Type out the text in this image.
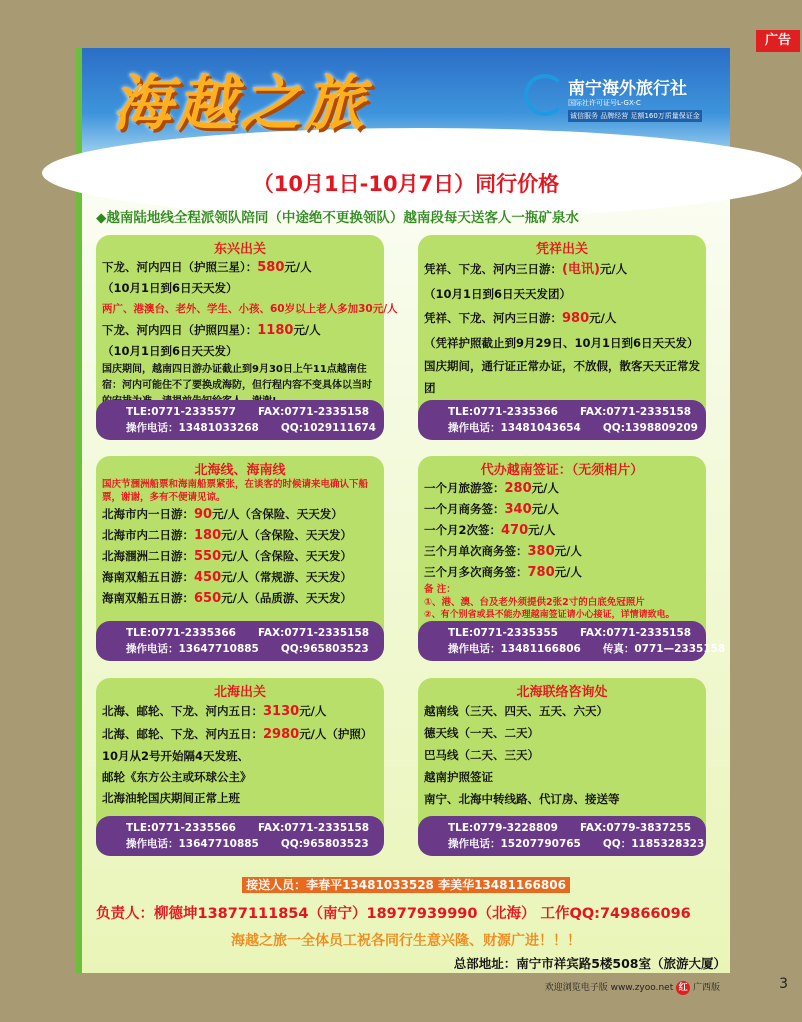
广告
海越之旅	南宁海外旅行社
国际社许可证号L-GX-C
诚信服务 品牌经营 足额160万质量保证金
（10月1日-10月7日）同行价格
◆越南陆地线全程派领队陪同（中途绝不更换领队）越南段每天送客人一瓶矿泉水
东兴出关
下龙、河内四日（护照三星）：580元/人
（10月1日到6日天天发）
两广、港澳台、老外、学生、小孩、60岁以上老人多加30元/人
下龙、河内四日（护照四星）：1180元/人
（10月1日到6日天天发）
国庆期间，越南四日游办证截止到9月30日上午11点越南住宿：河内可能住不了要换成海防，但行程内容不变具体以当时
TLE:0771-2335577 FAX:0771-2335158
操作电话：13481033268 QQ:1029111674
凭祥出关
凭祥、下龙、河内三日游：(电讯)元/人
（10月1日到6日天天发团）
凭祥、下龙、河内三日游：980元/人
（凭祥护照截止到9月29日、10月1日到6日天天发）
国庆期间，通行证正常办证，不放假，散客天天正常发团
TLE:0771-2335366 FAX:0771-2335158
操作电话：13481043654 QQ:1398809209
北海线、海南线
国庆节涠洲船票和海南船票紧张，在谈客的时候请来电确认下船票，谢谢，多有不便请见谅。
北海市内一日游：90元/人（含保险、天天发）
北海市内二日游：180元/人（含保险、天天发）
北海涠洲二日游：550元/人（含保险、天天发）
海南双船五日游：450元/人（常规游、天天发）
海南双船五日游：650元/人（品质游、天天发）
TLE:0771-2335366 FAX:0771-2335158
操作电话：13647710885 QQ:965803523
代办越南签证：（无须相片）
一个月旅游签：280元/人
一个月商务签：340元/人
一个月2次签：470元/人
三个月单次商务签：380元/人
三个月多次商务签：780元/人
备 注：
①、港、澳、台及老外须提供2张2寸的白底免冠照片
②、有个别省或县不能办理越南签证请小心接证，详情请致电。
TLE:0771-2335355 FAX:0771-2335158
操作电话：13481166806 传真：0771—2335158
北海出关
北海、邮轮、下龙、河内五日：3130元/人
北海、邮轮、下龙、河内五日：2980元/人（护照）
10月从2号开始隔4天发班、
邮轮《东方公主或环球公主》
北海油轮国庆期间正常上班
TLE:0771-2335566 FAX:0771-2335158
操作电话：13647710885 QQ:965803523
北海联络咨询处
越南线（三天、四天、五天、六天）
德天线（一天、二天）
巴马线（二天、三天）
越南护照签证
南宁、北海中转线路、代订房、接送等
TLE:0779-3228809 FAX:0779-3837255
操作电话：15207790765 QQ：1185328323
接送人员：李春平13481033528 李美华13481166806
负责人：柳德坤13877111854（南宁）18977939990（北海） 工作QQ:749866096
海越之旅一全体员工祝各同行生意兴隆、财源广进！！！
总部地址：南宁市祥宾路5楼508室（旅游大厦）
欢迎浏览电子版 www.zyoo.net 红 广西版	3
